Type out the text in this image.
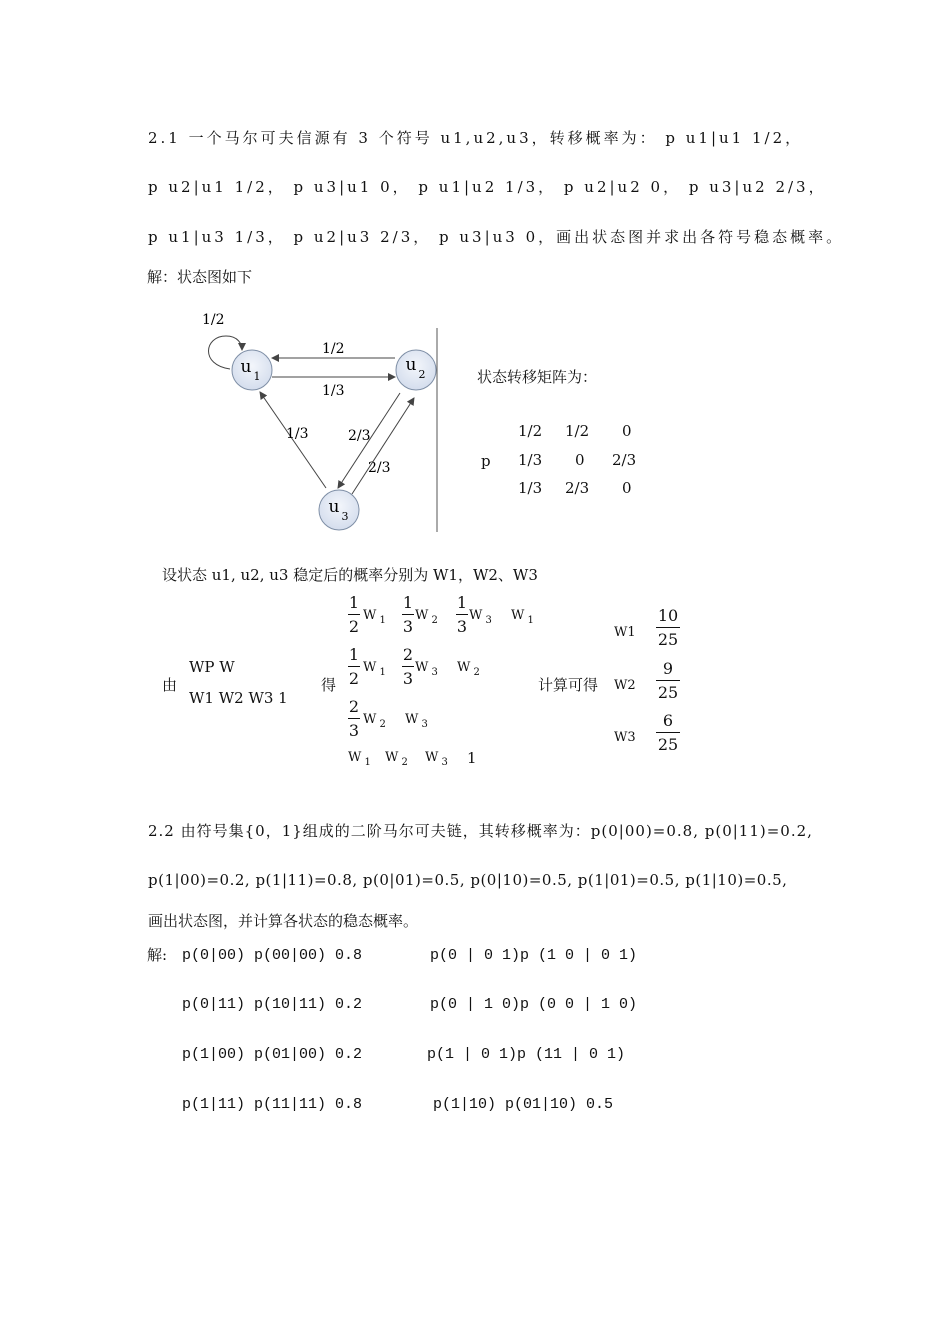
2.1 一个马尔可夫信源有 3 个符号 u1,u2,u3，转移概率为： p u1|u1 1/2，
p u2|u1 1/2， p u3|u1 0， p u1|u2 1/3， p u2|u2 0， p u3|u2 2/3，
p u1|u3 1/3， p u2|u3 2/3， p u3|u3 0，画出状态图并求出各符号稳态概率。
解：状态图如下
u 1
u 2
u 3
1/2
1/2
1/3
1/3	2/3
2/3
状态转移矩阵为：
p
1/2 1/2 0
1/3 0 2/3
1/3 2/3 0
设状态 u1, u2, u3 稳定后的概率分别为 W1，W2、W3
由
WP W
W1 W2 W3 1
得
1
2
W $_1$
1
3
W $_2$
1
3
W $_3$ W $_1$
1
2
W $_1$
2
3
W $_3$ W $_2$
2
3
W $_2$ W $_3$
W $_1$ W $_2$ W $_3$ 1
计算可得
W1
10
25
W2
9
25
W3
6
25
2.2 由符号集{0，1}组成的二阶马尔可夫链，其转移概率为：p(0|00)=0.8, p(0|11)=0.2,
p(1|00)=0.2, p(1|11)=0.8, p(0|01)=0.5, p(0|10)=0.5, p(1|01)=0.5, p(1|10)=0.5,
画出状态图，并计算各状态的稳态概率。
解: p(0|00) p(00|00) 0.8
p(0|11) p(10|11) 0.2
p(1|00) p(01|00) 0.2
p(1|11) p(11|11) 0.8
p(0 | 0 1)p (1 0 | 0 1)
p(0 | 1 0)p (0 0 | 1 0)
p(1 | 0 1)p (11 | 0 1)
p(1|10) p(01|10) 0.5
